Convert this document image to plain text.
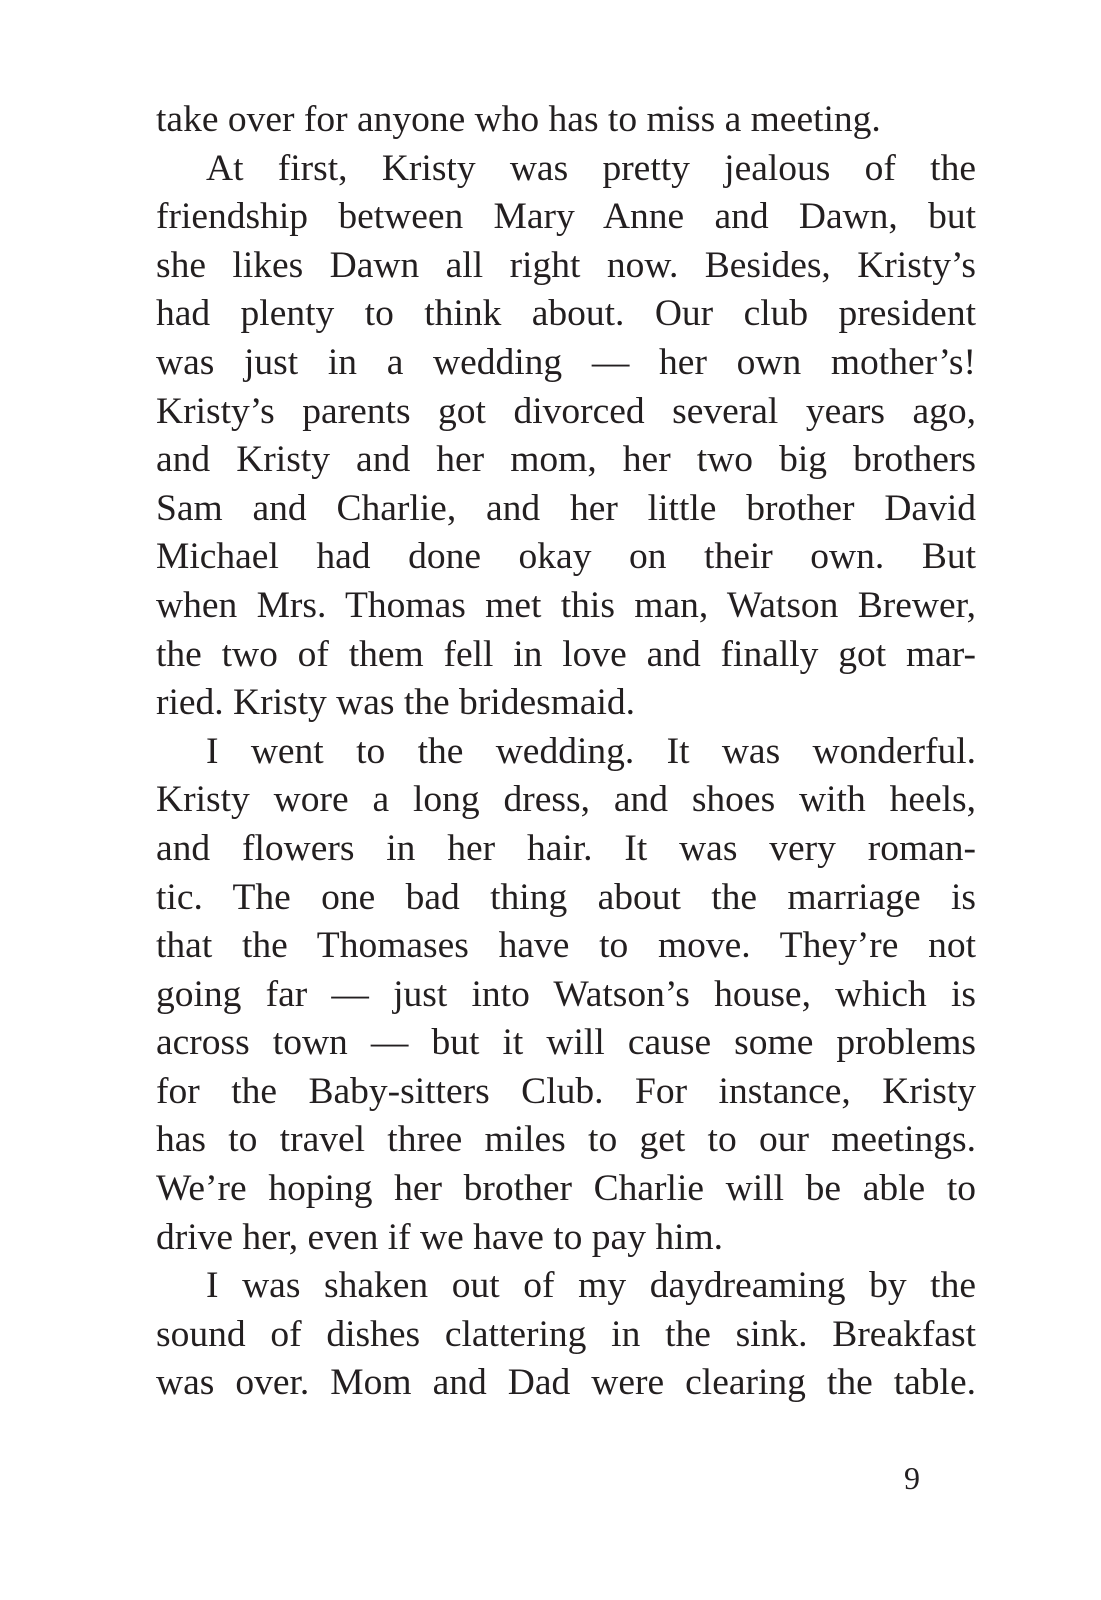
take over for anyone who has to miss a meeting.
At first, Kristy was pretty jealous of the
friendship between Mary Anne and Dawn, but
she likes Dawn all right now. Besides, Kristy’s
had plenty to think about. Our club president
was just in a wedding — her own mother’s!
Kristy’s parents got divorced several years ago,
and Kristy and her mom, her two big brothers
Sam and Charlie, and her little brother David
Michael had done okay on their own. But
when Mrs. Thomas met this man, Watson Brewer,
the two of them fell in love and finally got mar-
ried. Kristy was the bridesmaid.
I went to the wedding. It was wonderful.
Kristy wore a long dress, and shoes with heels,
and flowers in her hair. It was very roman-
tic. The one bad thing about the marriage is
that the Thomases have to move. They’re not
going far — just into Watson’s house, which is
across town — but it will cause some problems
for the Baby-sitters Club. For instance, Kristy
has to travel three miles to get to our meetings.
We’re hoping her brother Charlie will be able to
drive her, even if we have to pay him.
I was shaken out of my daydreaming by the
sound of dishes clattering in the sink. Breakfast
was over. Mom and Dad were clearing the table.
9
